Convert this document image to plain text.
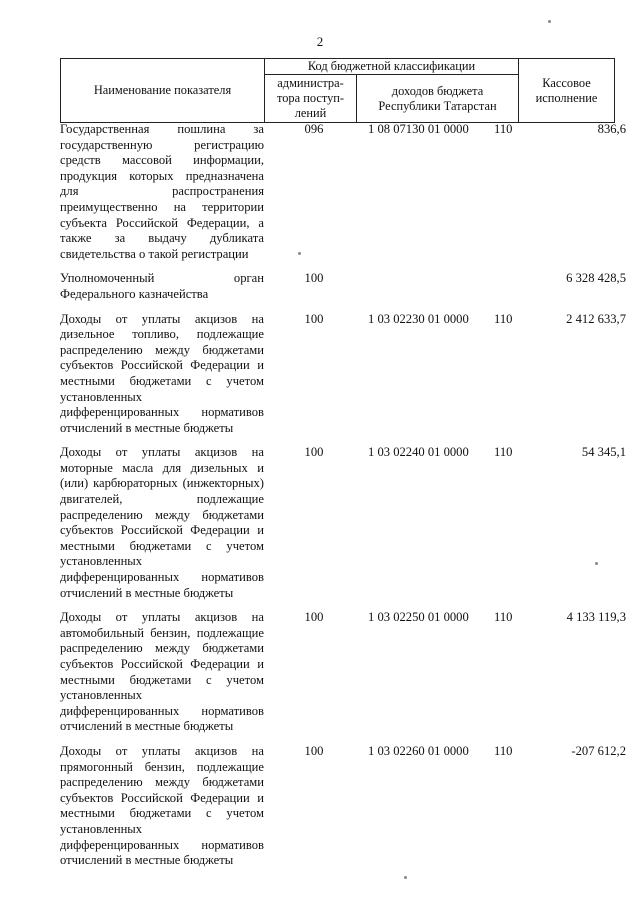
2
Наименование показателя	Код бюджетной классификации		Кассовое исполнение
	администра-тора поступ-лений	доходов бюджета Республики Татарстан	
Государственная пошлина за государственную регистрацию средств массовой информации, продукция которых предназначена для распространения преимущественно на территории субъекта Российской Федерации, а также за выдачу дубликата свидетельства о такой регистрации	096	1 08 07130 01 0000	110	836,6

Уполномоченный орган Федерального казначейства	100			6 328 428,5

Доходы от уплаты акцизов на дизельное топливо, подлежащие распределению между бюджетами субъектов Российской Федерации и местными бюджетами с учетом установленных дифференцированных нормативов отчислений в местные бюджеты	100	1 03 02230 01 0000	110	2 412 633,7

Доходы от уплаты акцизов на моторные масла для дизельных и (или) карбюраторных (инжекторных) двигателей, подлежащие распределению между бюджетами субъектов Российской Федерации и местными бюджетами с учетом установленных дифференцированных нормативов отчислений в местные бюджеты	100	1 03 02240 01 0000	110	54 345,1

Доходы от уплаты акцизов на автомобильный бензин, подлежащие распределению между бюджетами субъектов Российской Федерации и местными бюджетами с учетом установленных дифференцированных нормативов отчислений в местные бюджеты	100	1 03 02250 01 0000	110	4 133 119,3

Доходы от уплаты акцизов на прямогонный бензин, подлежащие распределению между бюджетами субъектов Российской Федерации и местными бюджетами с учетом установленных дифференцированных нормативов отчислений в местные бюджеты	100	1 03 02260 01 0000	110	-207 612,2
